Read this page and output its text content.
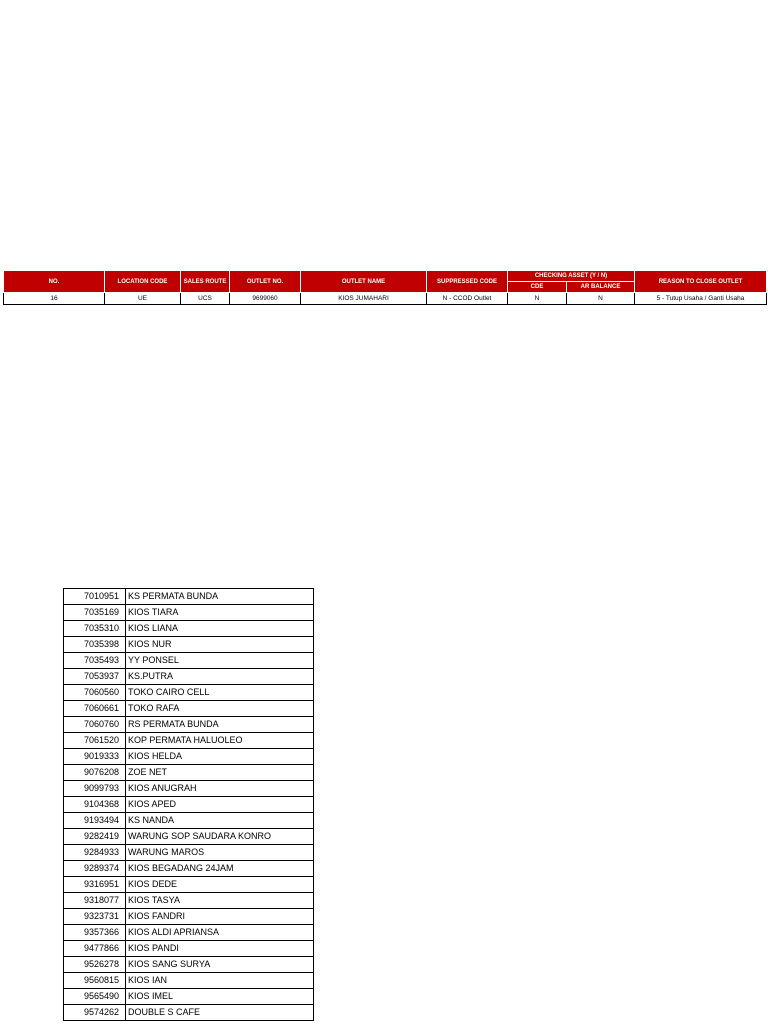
NO.	LOCATION CODE	SALES ROUTE	OUTLET NO.	OUTLET NAME	SUPPRESSED CODE	CHECKING ASSET (Y / N)		REASON TO CLOSE OUTLET
						CDE	AR BALANCE	
16	UE	UCS	9699060	KIOS JUMAHARI	N - CCOD Outlet	N	N	5 - Tutup Usaha / Ganti Usaha
7010951	KS PERMATA BUNDA
7035169	KIOS TIARA
7035310	KIOS LIANA
7035398	KIOS NUR
7035493	YY PONSEL
7053937	KS.PUTRA
7060560	TOKO CAIRO CELL
7060661	TOKO RAFA
7060760	RS PERMATA BUNDA
7061520	KOP PERMATA HALUOLEO
9019333	KIOS HELDA
9076208	ZOE NET
9099793	KIOS ANUGRAH
9104368	KIOS APED
9193494	KS NANDA
9282419	WARUNG SOP SAUDARA KONRO
9284933	WARUNG MAROS
9289374	KIOS BEGADANG 24JAM
9316951	KIOS DEDE
9318077	KIOS TASYA
9323731	KIOS FANDRI
9357366	KIOS ALDI APRIANSA
9477866	KIOS PANDI
9526278	KIOS SANG SURYA
9560815	KIOS IAN
9565490	KIOS IMEL
9574262	DOUBLE S CAFE
